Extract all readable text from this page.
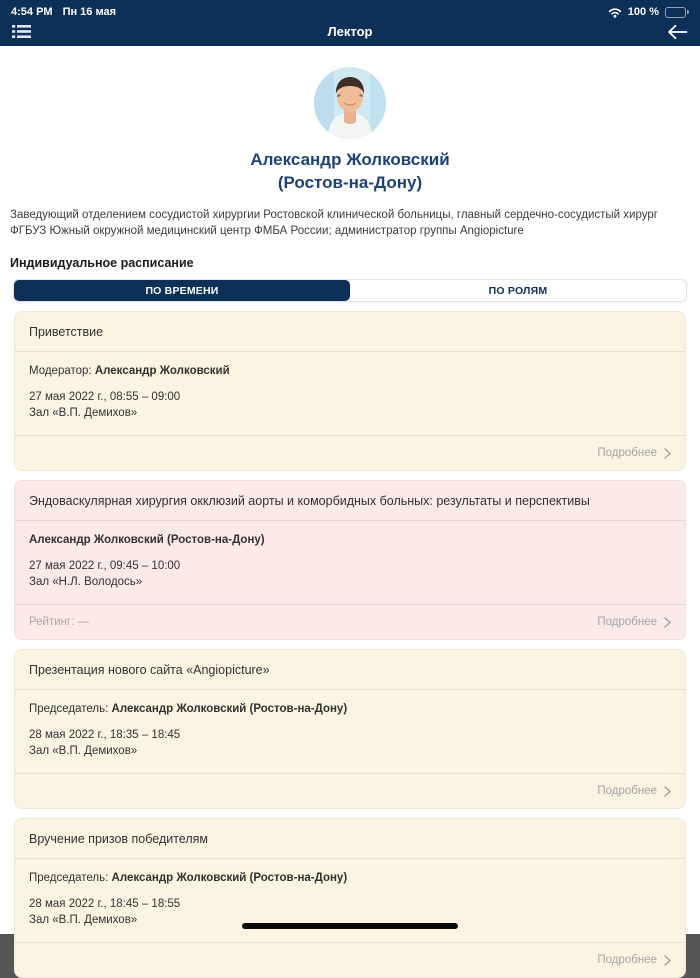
4:54 PM Пн 16 мая	100 %
Лектор
Александр Жолковский
(Ростов-на-Дону)

Заведующий отделением сосудистой хирургии Ростовской клинической больницы, главный сердечно-сосудистый хирург ФГБУЗ Южный окружной медицинский центр ФМБА России; администратор группы Angiopicture

Индивидуальное расписание
ПО ВРЕМЕНИ	ПО РОЛЯМ
Приветствие
Модератор: Александр Жолковский
27 мая 2022 г., 08:55 – 09:00
Зал «В.П. Демихов»
Подробнее
Эндоваскулярная хирургия окклюзий аорты и коморбидных больных: результаты и перспективы
Александр Жолковский (Ростов-на-Дону)
27 мая 2022 г., 09:45 – 10:00
Зал «Н.Л. Володось»
Рейтинг: —	Подробнее
Презентация нового сайта «Angiopicture»
Председатель: Александр Жолковский (Ростов-на-Дону)
28 мая 2022 г., 18:35 – 18:45
Зал «В.П. Демихов»
Подробнее
Вручение призов победителям
Председатель: Александр Жолковский (Ростов-на-Дону)
28 мая 2022 г., 18:45 – 18:55
Зал «В.П. Демихов»
Подробнее
